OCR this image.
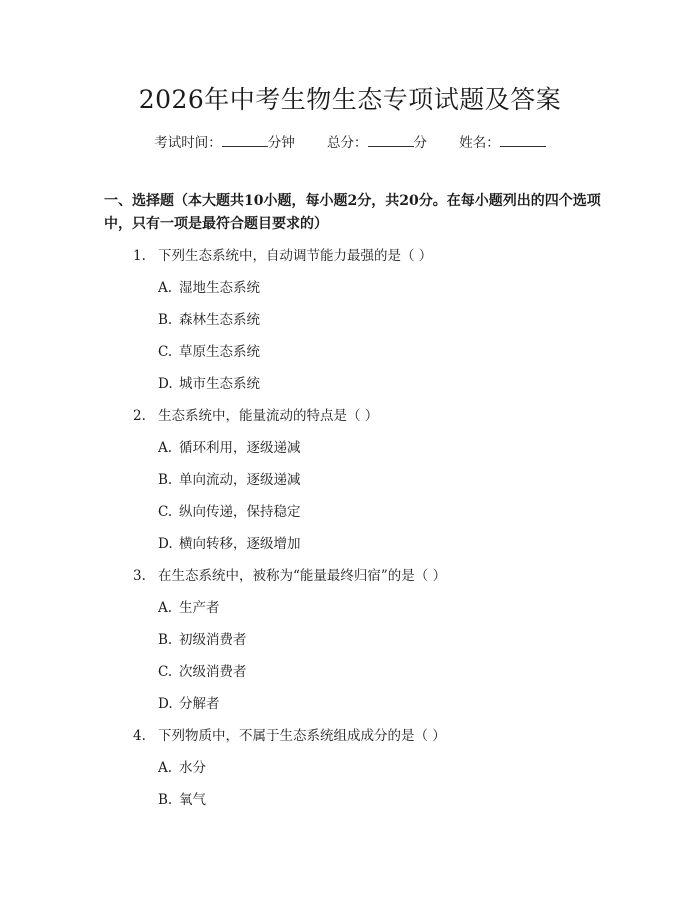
2026年中考生物生态专项试题及答案
考试时间：	分钟 总分：	分 姓名：
一、选择题（本大题共10小题，每小题2分，共20分。在每小题列出的四个选项中，只有一项是最符合题目要求的）
1. 下列生态系统中，自动调节能力最强的是（ ）
A. 湿地生态系统
B. 森林生态系统
C. 草原生态系统
D. 城市生态系统
2. 生态系统中，能量流动的特点是（ ）
A. 循环利用，逐级递减
B. 单向流动，逐级递减
C. 纵向传递，保持稳定
D. 横向转移，逐级增加
3. 在生态系统中，被称为“能量最终归宿”的是（ ）
A. 生产者
B. 初级消费者
C. 次级消费者
D. 分解者
4. 下列物质中，不属于生态系统组成成分的是（ ）
A. 水分
B. 氧气
